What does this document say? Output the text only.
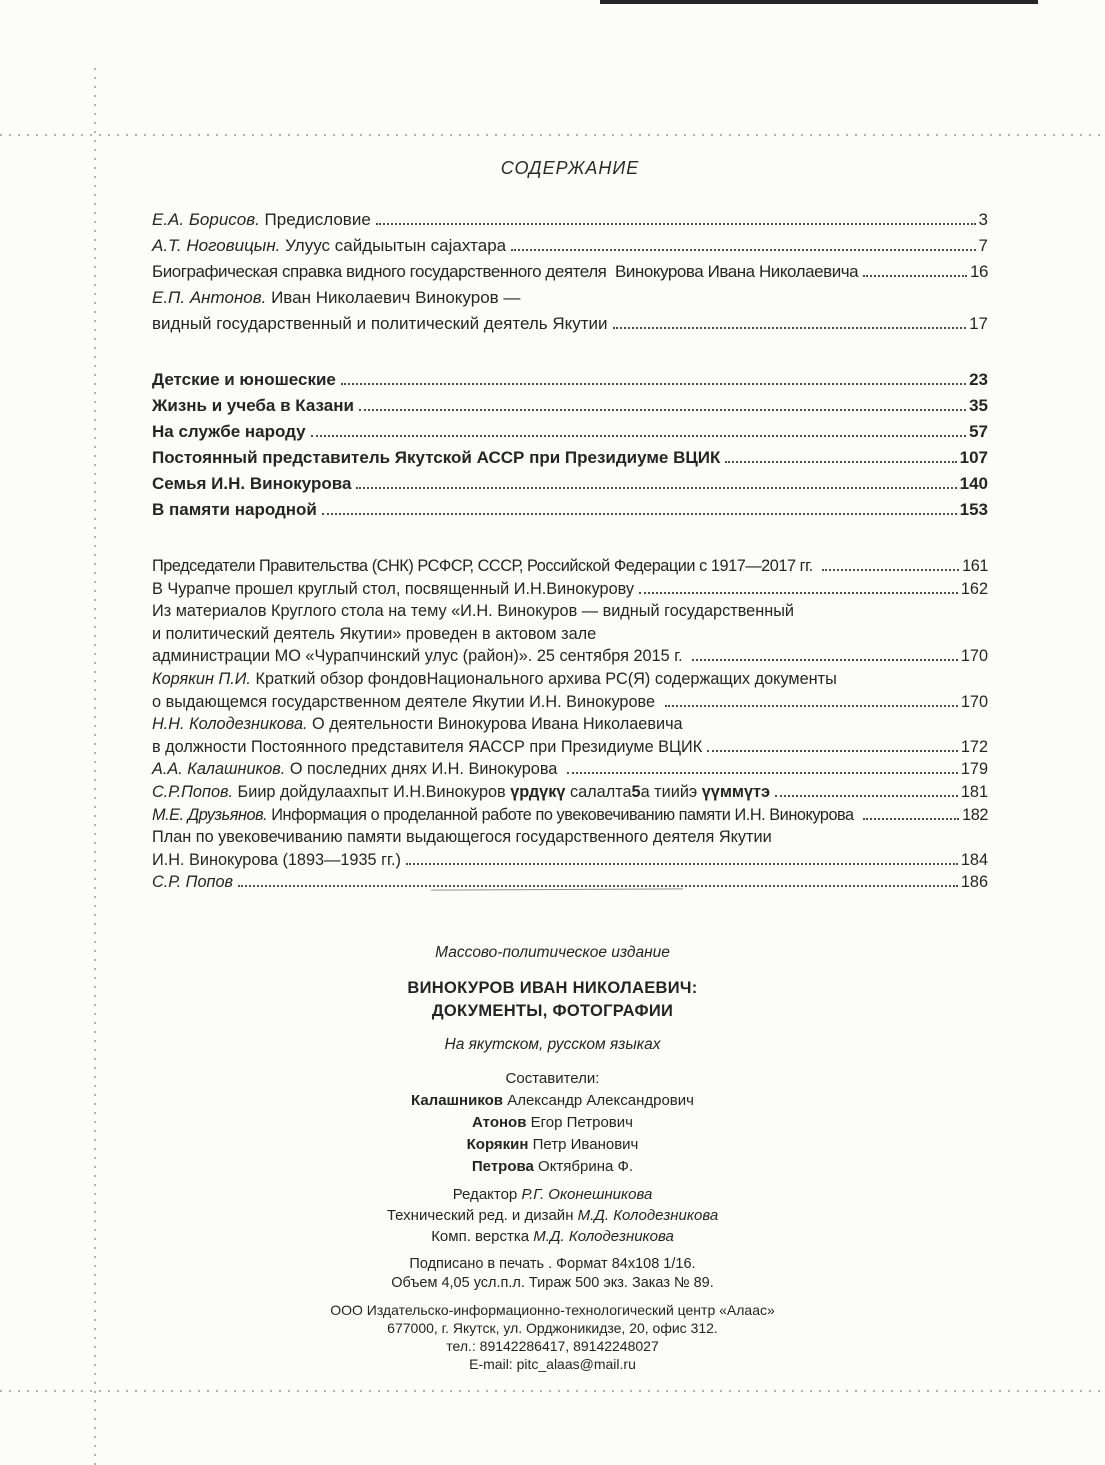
СОДЕРЖАНИЕ
Е.А. Борисов. Предисловие	3
А.Т. Ноговицын. Улуус сайдыытын саjахтара	7
Биографическая справка видного государственного деятеля  Винокурова Ивана Николаевича	16
Е.П. Антонов. Иван Николаевич Винокуров —
видный государственный и политический деятель Якутии	17
Детские и юношеские	23
Жизнь и учеба в Казани	35
На службе народу	57
Постоянный представитель Якутской АССР при Президиуме ВЦИК	107
Семья И.Н. Винокурова	140
В памяти народной	153
Председатели Правительства (СНК) РСФСР, СССР, Российской Федерации с 1917—2017 гг.	161
В Чурапче прошел круглый стол, посвященный И.Н.Винокурову	162
Из материалов Круглого стола на тему «И.Н. Винокуров — видный государственный
и политический деятель Якутии» проведен в актовом зале
администрации МО «Чурапчинский улус (район)». 25 сентября 2015 г.	170
Корякин П.И. Краткий обзор фондовНационального архива РС(Я) содержащих документы
о выдающемся государственном деятеле Якутии И.Н. Винокурове	170
Н.Н. Колодезникова. О деятельности Винокурова Ивана Николаевича
в должности Постоянного представителя ЯАССР при Президиуме ВЦИК	172
А.А. Калашников. О последних днях И.Н. Винокурова	179
С.Р.Попов. Биир дойдулаахпыт И.Н.Винокуров үрдүкү салалта 5 а тиийэ үүммүтэ	181
М.Е. Друзьянов. Информация о проделанной работе по увековечиванию памяти И.Н. Винокурова	182
План по увековечиванию памяти выдающегося государственного деятеля Якутии
И.Н. Винокурова (1893—1935 гг.)	184
С.Р. Попов	186
Массово-политическое издание
ВИНОКУРОВ ИВАН НИКОЛАЕВИЧ:
ДОКУМЕНТЫ, ФОТОГРАФИИ
На якутском, русском языках
Составители:
Калашников Александр Александрович
Атонов Егор Петрович
Корякин Петр Иванович
Петрова Октябрина Ф.
Редактор Р.Г. Оконешникова
Технический ред. и дизайн М.Д. Колодезникова
Комп. верстка М.Д. Колодезникова
Подписано в печать . Формат 84х108 1/16.
Объем 4,05 усл.п.л. Тираж 500 экз. Заказ № 89.
ООО Издательско-информационно-технологический центр «Алаас»
677000, г. Якутск, ул. Орджоникидзе, 20, офис 312.
тел.: 89142286417, 89142248027
E-mail: pitc_alaas@mail.ru
